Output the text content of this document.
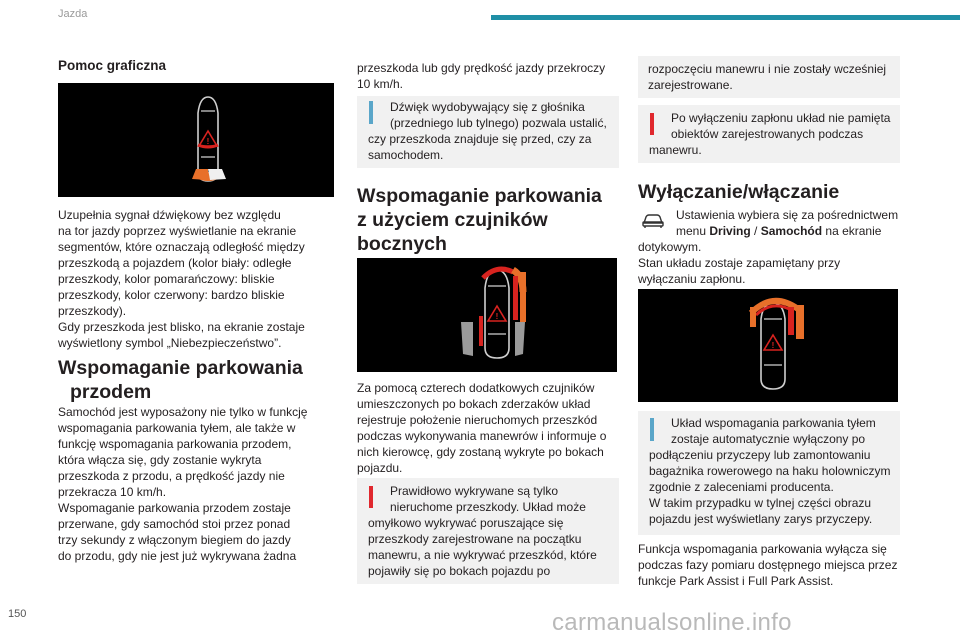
Jazda
Pomoc graficzna
!
Uzupełnia sygnał dźwiękowy bez względu
na tor jazdy poprzez wyświetlanie na ekranie
segmentów, które oznaczają odległość między
przeszkodą a pojazdem (kolor biały: odległe
przeszkody, kolor pomarańczowy: bliskie
przeszkody, kolor czerwony: bardzo bliskie
przeszkody).
Gdy przeszkoda jest blisko, na ekranie zostaje
wyświetlony symbol „Niebezpieczeństwo”.
Wspomaganie parkowania
przodem
Samochód jest wyposażony nie tylko w funkcję
wspomagania parkowania tyłem, ale także w
funkcję wspomagania parkowania przodem,
która włącza się, gdy zostanie wykryta
przeszkoda z przodu, a prędkość jazdy nie
przekracza 10 km/h.
Wspomaganie parkowania przodem zostaje
przerwane, gdy samochód stoi przez ponad
trzy sekundy z włączonym biegiem do jazdy
do przodu, gdy nie jest już wykrywana żadna
przeszkoda lub gdy prędkość jazdy przekroczy
10 km/h.
Dźwięk wydobywający się z głośnika
(przedniego lub tylnego) pozwala ustalić,
czy przeszkoda znajduje się przed, czy za
samochodem.
Wspomaganie parkowania
z użyciem czujników
bocznych
!
Za pomocą czterech dodatkowych czujników
umieszczonych po bokach zderzaków układ
rejestruje położenie nieruchomych przeszkód
podczas wykonywania manewrów i informuje o
nich kierowcę, gdy zostaną wykryte po bokach
pojazdu.
Prawidłowo wykrywane są tylko
nieruchome przeszkody. Układ może
omyłkowo wykrywać poruszające się
przeszkody zarejestrowane na początku
manewru, a nie wykrywać przeszkód, które
pojawiły się po bokach pojazdu po
rozpoczęciu manewru i nie zostały wcześniej
zarejestrowane.
Po wyłączeniu zapłonu układ nie pamięta
obiektów zarejestrowanych podczas
manewru.
Wyłączanie/włączanie
Ustawienia wybiera się za pośrednictwem
menu Driving / Samochód na ekranie
dotykowym.
Stan układu zostaje zapamiętany przy
wyłączaniu zapłonu.
!
Układ wspomagania parkowania tyłem
zostaje automatycznie wyłączony po
podłączeniu przyczepy lub zamontowaniu
bagażnika rowerowego na haku holowniczym
zgodnie z zaleceniami producenta.
W takim przypadku w tylnej części obrazu
pojazdu jest wyświetlany zarys przyczepy.
Funkcja wspomagania parkowania wyłącza się
podczas fazy pomiaru dostępnego miejsca przez
funkcje Park Assist i Full Park Assist.
150	carmanualsonline.info
